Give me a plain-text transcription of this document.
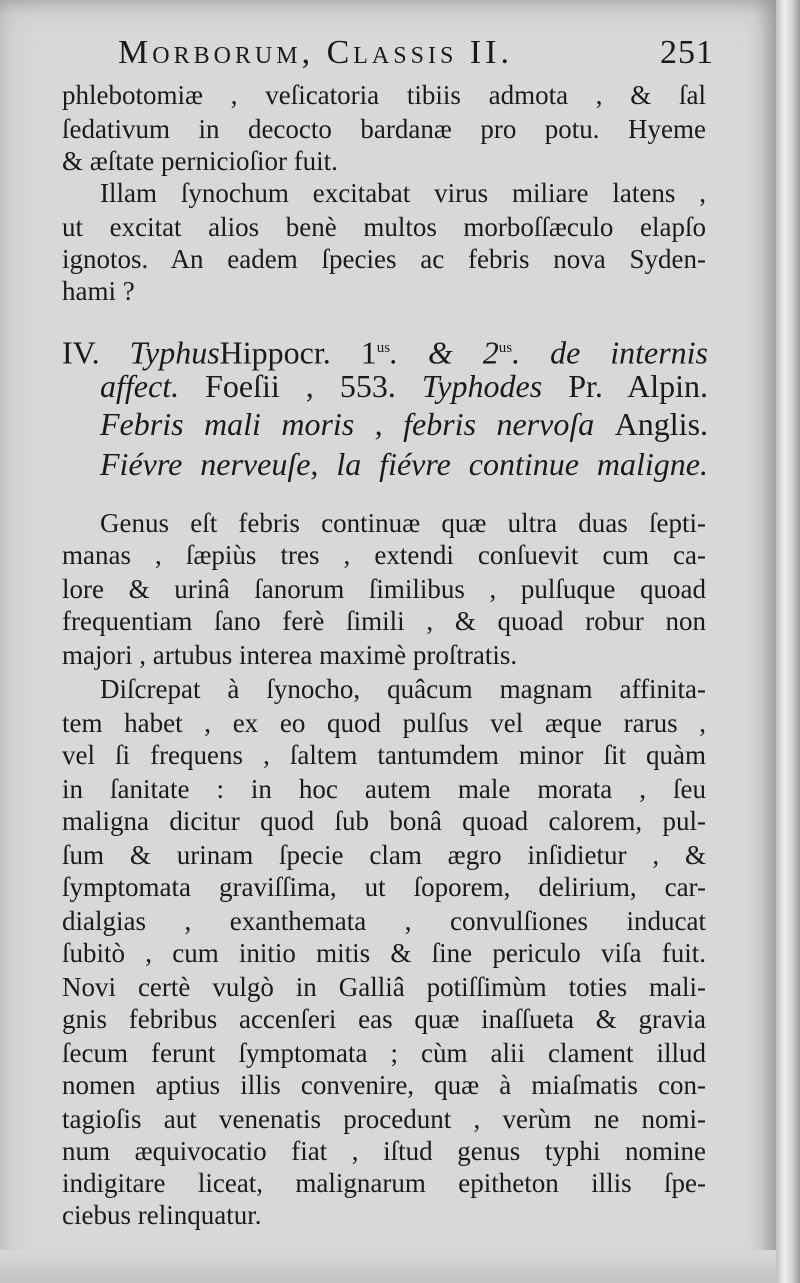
Morborum, Classis II.	251
phlebotomiæ , veſicatoria tibiis admota , & ſal
ſedativum in decocto bardanæ pro potu. Hyeme
& æſtate pernicioſior fuit.
Illam ſynochum excitabat virus miliare latens ,
ut excitat alios benè multos morboſſæculo elapſo
ignotos. An eadem ſpecies ac febris nova Syden-
hami ?
IV. TyphusHippocr. $1^{us}$. & $2^{us}$. de internis
affect. Foeſii , 553. Typhodes Pr. Alpin.
Febris mali moris , febris nervoſa Anglis.
Fiévre nerveuſe, la fiévre continue maligne.
Genus eſt febris continuæ quæ ultra duas ſepti-
manas , ſæpiùs tres , extendi conſuevit cum ca-
lore & urinâ ſanorum ſimilibus , pulſuque quoad
frequentiam ſano ferè ſimili , & quoad robur non
majori , artubus interea maximè proſtratis.
Diſcrepat à ſynocho, quâcum magnam affinita-
tem habet , ex eo quod pulſus vel æque rarus ,
vel ſi frequens , ſaltem tantumdem minor ſit quàm
in ſanitate : in hoc autem male morata , ſeu
maligna dicitur quod ſub bonâ quoad calorem, pul-
ſum & urinam ſpecie clam ægro inſidietur , &
ſymptomata graviſſima, ut ſoporem, delirium, car-
dialgias , exanthemata , convulſiones inducat
ſubitò , cum initio mitis & ſine periculo viſa fuit.
Novi certè vulgò in Galliâ potiſſimùm toties mali-
gnis febribus accenſeri eas quæ inaſſueta & gravia
ſecum ferunt ſymptomata ; cùm alii clament illud
nomen aptius illis convenire, quæ à miaſmatis con-
tagioſis aut venenatis procedunt , verùm ne nomi-
num æquivocatio fiat , iſtud genus typhi nomine
indigitare liceat, malignarum epitheton illis ſpe-
ciebus relinquatur.
